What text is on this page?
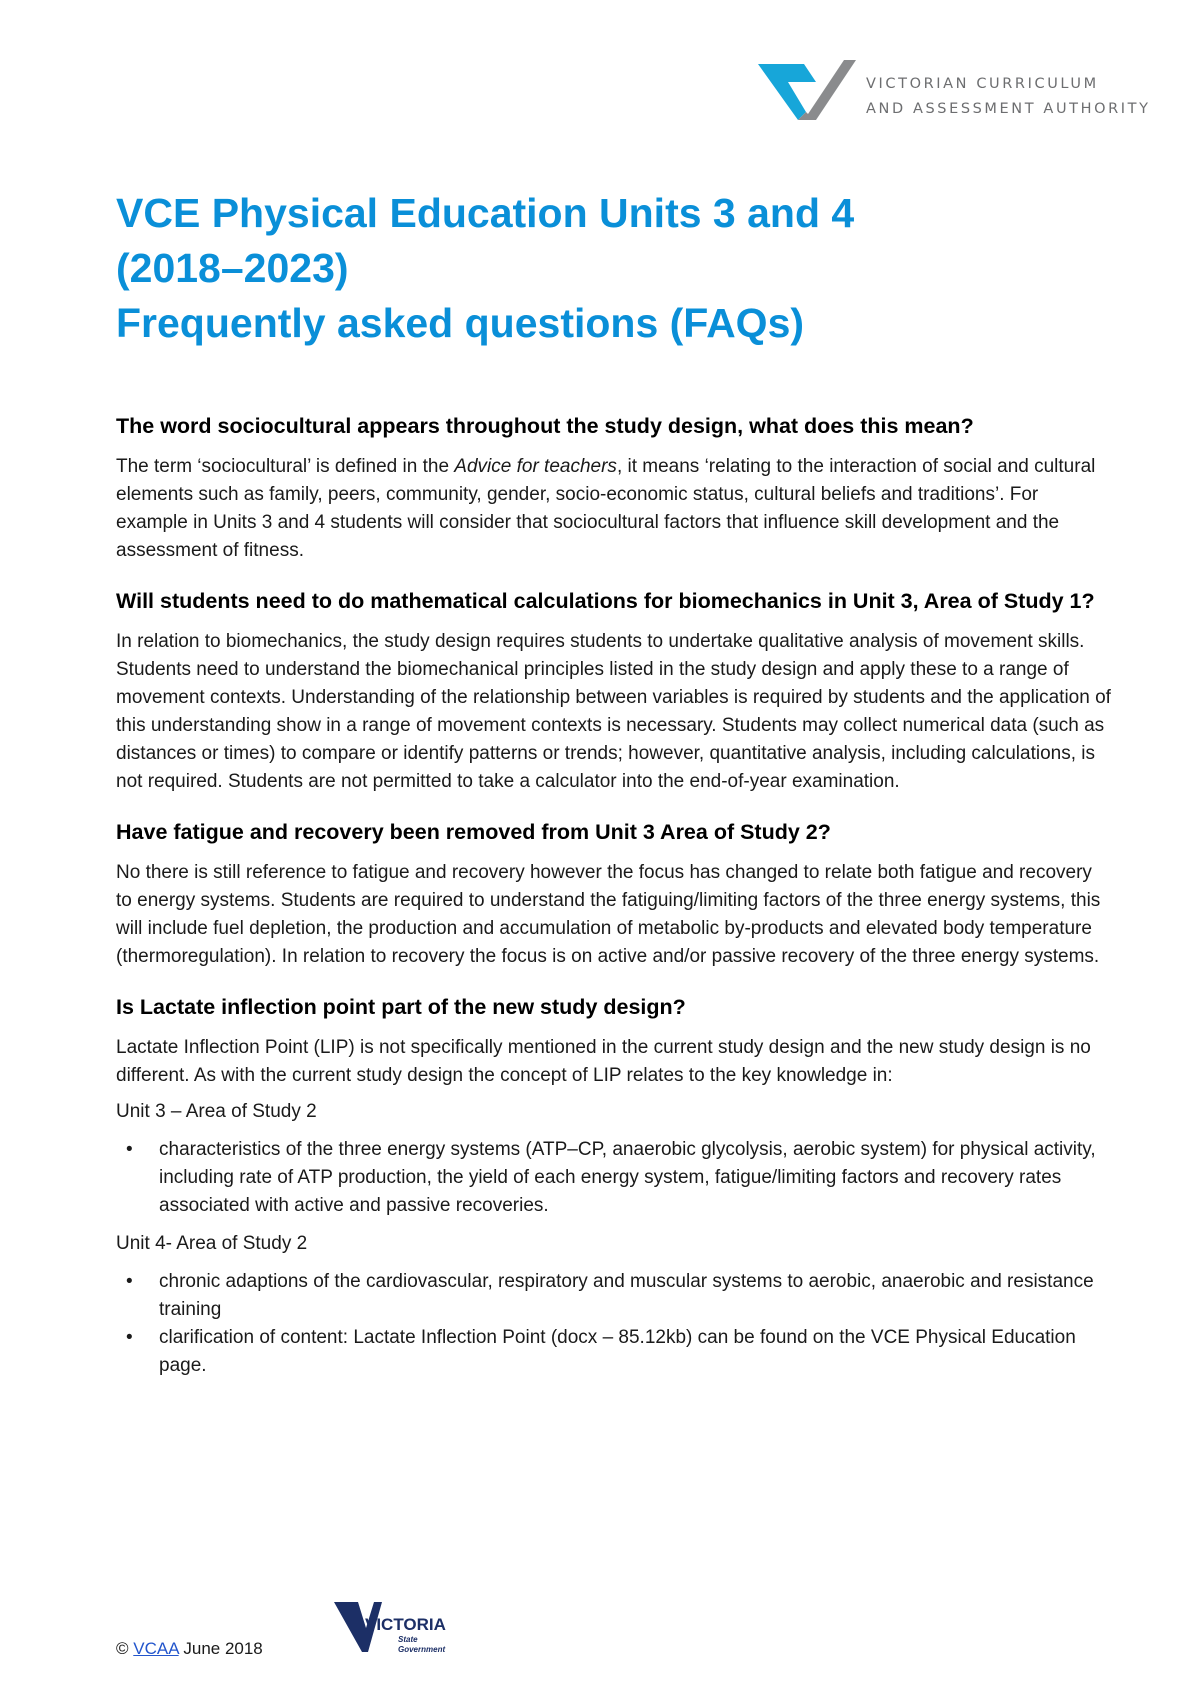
VICTORIAN CURRICULUM
AND ASSESSMENT AUTHORITY
VCE Physical Education Units 3 and 4
(2018–2023)
Frequently asked questions (FAQs)

The word sociocultural appears throughout the study design, what does this mean?

The term ‘sociocultural’ is defined in the Advice for teachers, it means ‘relating to the interaction of social and cultural elements such as family, peers, community, gender, socio-economic status, cultural beliefs and traditions’. For example in Units 3 and 4 students will consider that sociocultural factors that influence skill development and the assessment of fitness.

Will students need to do mathematical calculations for biomechanics in Unit 3, Area of Study 1?

In relation to biomechanics, the study design requires students to undertake qualitative analysis of movement skills. Students need to understand the biomechanical principles listed in the study design and apply these to a range of movement contexts. Understanding of the relationship between variables is required by students and the application of this understanding show in a range of movement contexts is necessary. Students may collect numerical data (such as distances or times) to compare or identify patterns or trends; however, quantitative analysis, including calculations, is not required. Students are not permitted to take a calculator into the end-of-year examination.

Have fatigue and recovery been removed from Unit 3 Area of Study 2?

No there is still reference to fatigue and recovery however the focus has changed to relate both fatigue and recovery to energy systems. Students are required to understand the fatiguing/limiting factors of the three energy systems, this will include fuel depletion, the production and accumulation of metabolic by-products and elevated body temperature (thermoregulation). In relation to recovery the focus is on active and/or passive recovery of the three energy systems.

Is Lactate inflection point part of the new study design?

Lactate Inflection Point (LIP) is not specifically mentioned in the current study design and the new study design is no different. As with the current study design the concept of LIP relates to the key knowledge in:

Unit 3 – Area of Study 2

• characteristics of the three energy systems (ATP–CP, anaerobic glycolysis, aerobic system) for physical activity, including rate of ATP production, the yield of each energy system, fatigue/limiting factors and recovery rates associated with active and passive recoveries.

Unit 4- Area of Study 2

• chronic adaptions of the cardiovascular, respiratory and muscular systems to aerobic, anaerobic and resistance training
• clarification of content: Lactate Inflection Point (docx – 85.12kb) can be found on the VCE Physical Education page.
© VCAA June 2018
VICTORIA
State
Government
